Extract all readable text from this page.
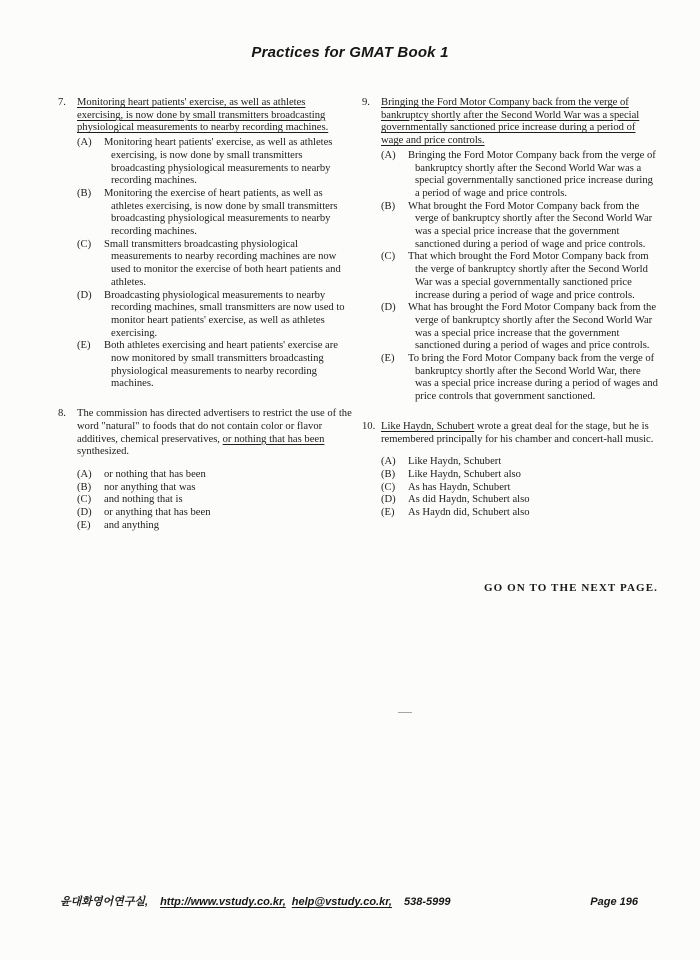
Practices for GMAT Book 1
7. Monitoring heart patients' exercise, as well as athletes exercising, is now done by small transmitters broadcasting physiological measurements to nearby recording machines.
(A) Monitoring heart patients' exercise, as well as athletes exercising, is now done by small transmitters broadcasting physiological measurements to nearby recording machines.
(B) Monitoring the exercise of heart patients, as well as athletes exercising, is now done by small transmitters broadcasting physiological measurements to nearby recording machines.
(C) Small transmitters broadcasting physiological measurements to nearby recording machines are now used to monitor the exercise of both heart patients and athletes.
(D) Broadcasting physiological measurements to nearby recording machines, small transmitters are now used to monitor heart patients' exercise, as well as athletes exercising.
(E) Both athletes exercising and heart patients' exercise are now monitored by small transmitters broadcasting physiological measurements to nearby recording machines.
8. The commission has directed advertisers to restrict the use of the word "natural" to foods that do not contain color or flavor additives, chemical preservatives, or nothing that has been synthesized.
(A) or nothing that has been
(B) nor anything that was
(C) and nothing that is
(D) or anything that has been
(E) and anything
9. Bringing the Ford Motor Company back from the verge of bankruptcy shortly after the Second World War was a special governmentally sanctioned price increase during a period of wage and price controls.
(A) Bringing the Ford Motor Company back from the verge of bankruptcy shortly after the Second World War was a special governmentally sanctioned price increase during a period of wage and price controls.
(B) What brought the Ford Motor Company back from the verge of bankruptcy shortly after the Second World War was a special price increase that the government sanctioned during a period of wage and price controls.
(C) That which brought the Ford Motor Company back from the verge of bankruptcy shortly after the Second World War was a special governmentally sanctioned price increase during a period of wage and price controls.
(D) What has brought the Ford Motor Company back from the verge of bankruptcy shortly after the Second World War was a special price increase that the government sanctioned during a period of wages and price controls.
(E) To bring the Ford Motor Company back from the verge of bankruptcy shortly after the Second World War, there was a special price increase during a period of wages and price controls that government sanctioned.
10. Like Haydn, Schubert wrote a great deal for the stage, but he is remembered principally for his chamber and concert-hall music.
(A) Like Haydn, Schubert
(B) Like Haydn, Schubert also
(C) As has Haydn, Schubert
(D) As did Haydn, Schubert also
(E) As Haydn did, Schubert also
GO ON TO THE NEXT PAGE.
윤대화영어연구실, http://www.vstudy.co.kr, help@vstudy.co.kr, 538-5999	Page 196
